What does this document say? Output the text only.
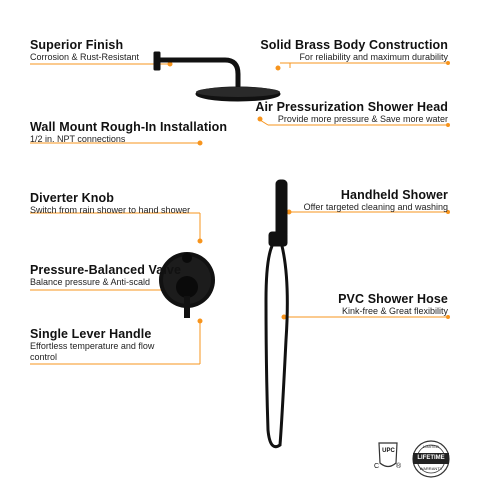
Superior Finish
Corrosion & Rust-Resistant
Solid Brass Body Construction
For reliability and maximum durability
Air Pressurization Shower Head
Provide more pressure & Save more water
Wall Mount Rough-In Installation
1/2 in. NPT connections
Diverter Knob
Switch from rain shower to hand shower
Handheld Shower
Offer targeted cleaning and washing
Pressure-Balanced Valve
Balance pressure & Anti-scald
PVC Shower Hose
Kink-free & Great flexibility
Single Lever Handle
Effortless temperature and flow
control
UPC
C ®
LIMITED
LIFETIME
WARRANTY
